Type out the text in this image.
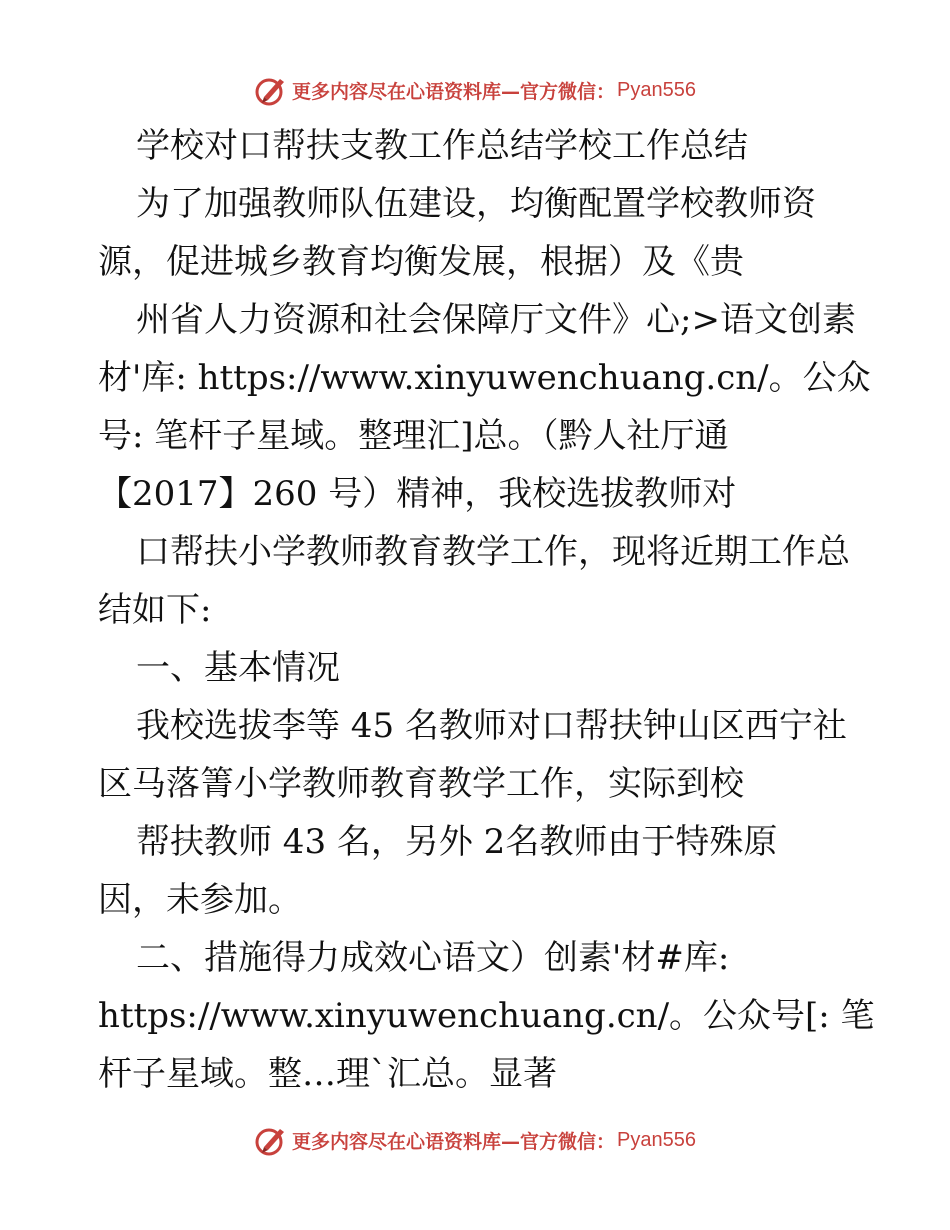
更多内容尽在心语资料库—官方微信： Pyan556
学校对口帮扶支教工作总结学校工作总结
为了加强教师队伍建设，均衡配置学校教师资
源，促进城乡教育均衡发展，根据）及《贵
州省人力资源和社会保障厅文件》心;>语文创素
材'库: https://www.xinyuwenchuang.cn/。公众
号: 笔杆子星域。整理汇]总。（黔人社厅通
【2017】260 号）精神，我校选拔教师对
口帮扶小学教师教育教学工作，现将近期工作总
结如下:
一、基本情况
我校选拔李等 45 名教师对口帮扶钟山区西宁社
区马落箐小学教师教育教学工作，实际到校
帮扶教师 43 名，另外 2名教师由于特殊原
因，未参加。
二、措施得力成效心语文）创素'材#库:
https://www.xinyuwenchuang.cn/。公众号[: 笔
杆子星域。整…理`汇总。显著
更多内容尽在心语资料库—官方微信： Pyan556
